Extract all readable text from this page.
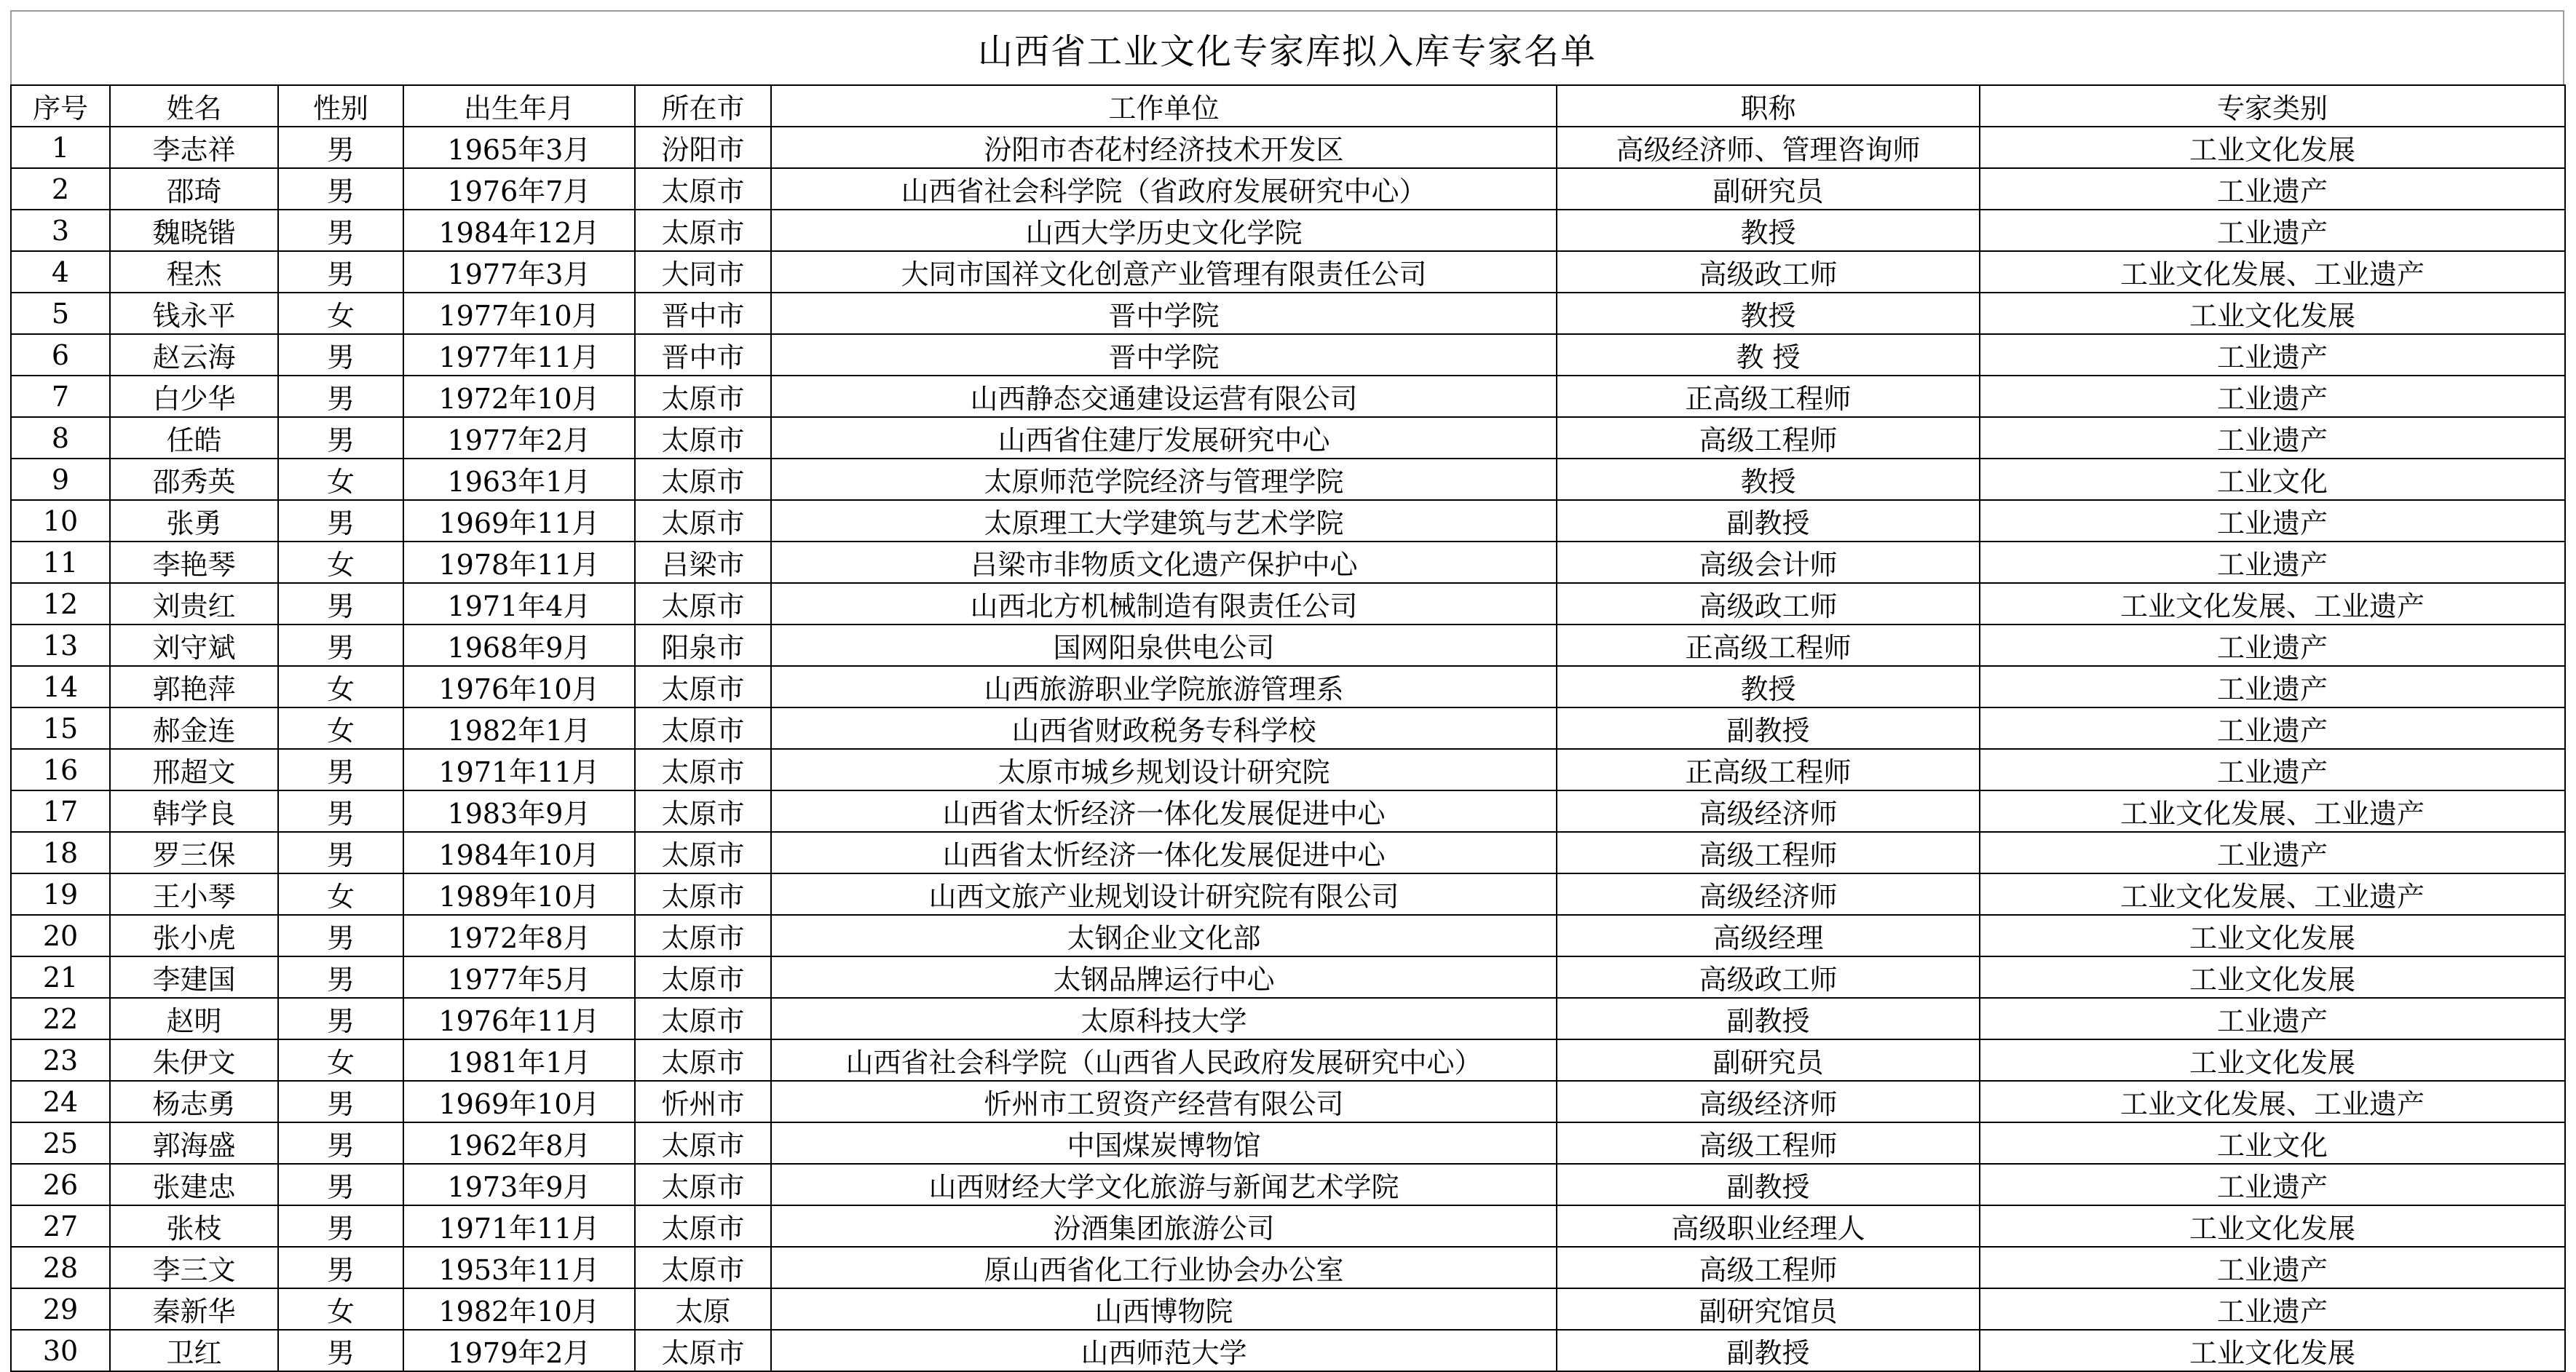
山西省工业文化专家库拟入库专家名单
序号	姓名	性别	出生年月	所在市	工作单位	职称	专家类别
1	李志祥	男	1965年3月	汾阳市	汾阳市杏花村经济技术开发区	高级经济师、管理咨询师	工业文化发展
2	邵琦	男	1976年7月	太原市	山西省社会科学院（省政府发展研究中心）	副研究员	工业遗产
3	魏晓锴	男	1984年12月	太原市	山西大学历史文化学院	教授	工业遗产
4	程杰	男	1977年3月	大同市	大同市国祥文化创意产业管理有限责任公司	高级政工师	工业文化发展、工业遗产
5	钱永平	女	1977年10月	晋中市	晋中学院	教授	工业文化发展
6	赵云海	男	1977年11月	晋中市	晋中学院	教 授	工业遗产
7	白少华	男	1972年10月	太原市	山西静态交通建设运营有限公司	正高级工程师	工业遗产
8	任皓	男	1977年2月	太原市	山西省住建厅发展研究中心	高级工程师	工业遗产
9	邵秀英	女	1963年1月	太原市	太原师范学院经济与管理学院	教授	工业文化
10	张勇	男	1969年11月	太原市	太原理工大学建筑与艺术学院	副教授	工业遗产
11	李艳琴	女	1978年11月	吕梁市	吕梁市非物质文化遗产保护中心	高级会计师	工业遗产
12	刘贵红	男	1971年4月	太原市	山西北方机械制造有限责任公司	高级政工师	工业文化发展、工业遗产
13	刘守斌	男	1968年9月	阳泉市	国网阳泉供电公司	正高级工程师	工业遗产
14	郭艳萍	女	1976年10月	太原市	山西旅游职业学院旅游管理系	教授	工业遗产
15	郝金连	女	1982年1月	太原市	山西省财政税务专科学校	副教授	工业遗产
16	邢超文	男	1971年11月	太原市	太原市城乡规划设计研究院	正高级工程师	工业遗产
17	韩学良	男	1983年9月	太原市	山西省太忻经济一体化发展促进中心	高级经济师	工业文化发展、工业遗产
18	罗三保	男	1984年10月	太原市	山西省太忻经济一体化发展促进中心	高级工程师	工业遗产
19	王小琴	女	1989年10月	太原市	山西文旅产业规划设计研究院有限公司	高级经济师	工业文化发展、工业遗产
20	张小虎	男	1972年8月	太原市	太钢企业文化部	高级经理	工业文化发展
21	李建国	男	1977年5月	太原市	太钢品牌运行中心	高级政工师	工业文化发展
22	赵明	男	1976年11月	太原市	太原科技大学	副教授	工业遗产
23	朱伊文	女	1981年1月	太原市	山西省社会科学院（山西省人民政府发展研究中心）	副研究员	工业文化发展
24	杨志勇	男	1969年10月	忻州市	忻州市工贸资产经营有限公司	高级经济师	工业文化发展、工业遗产
25	郭海盛	男	1962年8月	太原市	中国煤炭博物馆	高级工程师	工业文化
26	张建忠	男	1973年9月	太原市	山西财经大学文化旅游与新闻艺术学院	副教授	工业遗产
27	张枝	男	1971年11月	太原市	汾酒集团旅游公司	高级职业经理人	工业文化发展
28	李三文	男	1953年11月	太原市	原山西省化工行业协会办公室	高级工程师	工业遗产
29	秦新华	女	1982年10月	太原	山西博物院	副研究馆员	工业遗产
30	卫红	男	1979年2月	太原市	山西师范大学	副教授	工业文化发展
